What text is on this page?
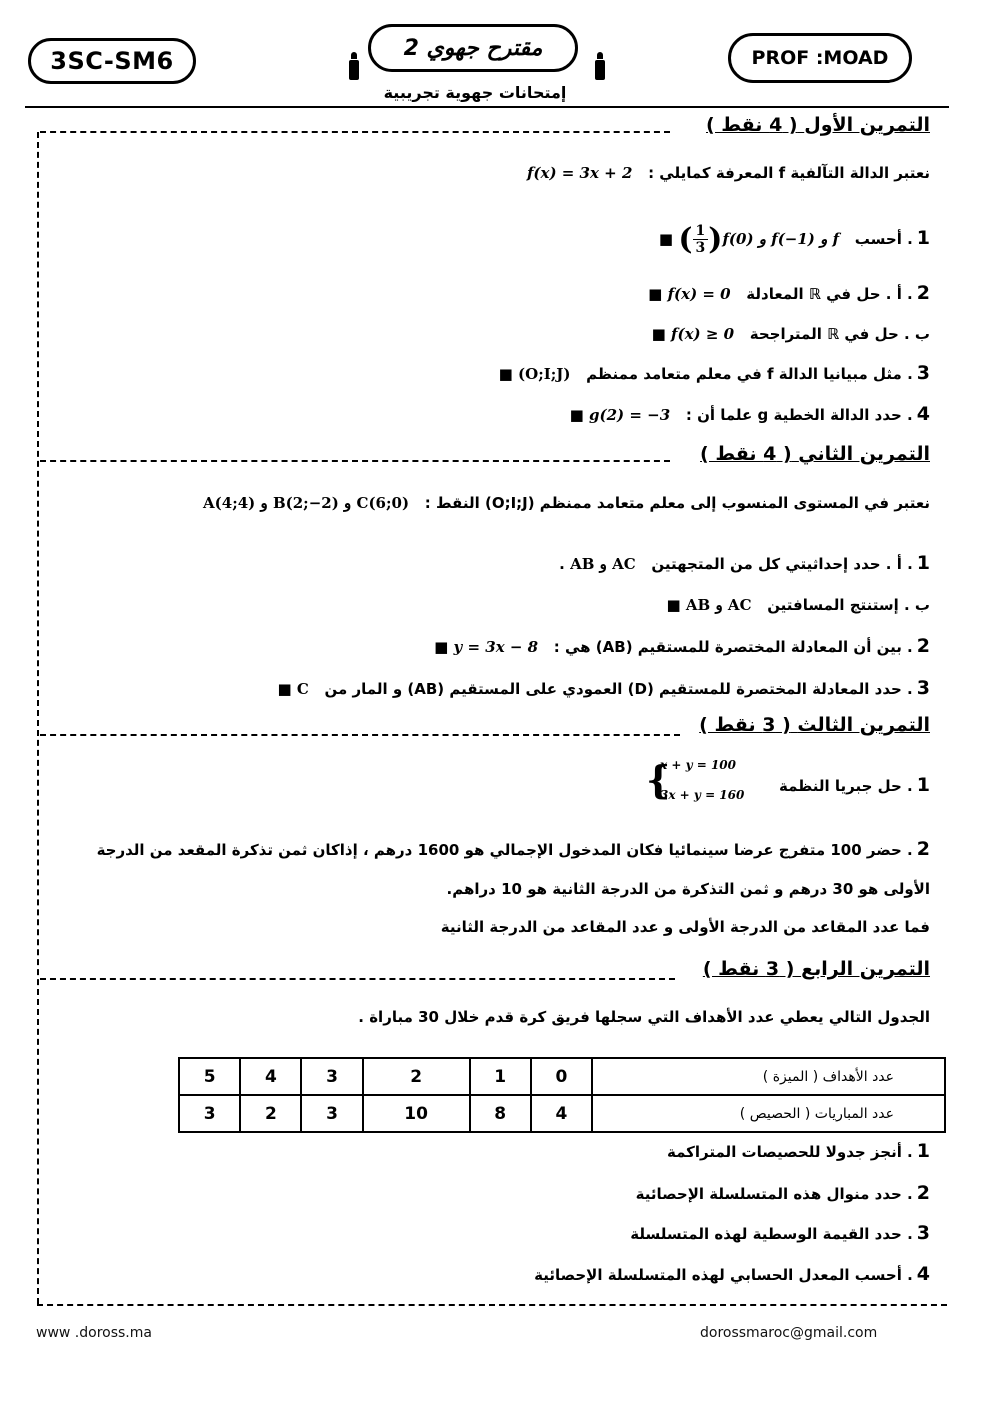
3SC-SM6	مقترح جهوي 2	PROF :MOAD
إمتحانات جهوية تجريبية
التمرين الأول ( 4 نقط )
نعتبر الدالة التآلفية f المعرفة كمايلي :   f(x) = 3x + 2
1. أحسب   f(0) و f(−1) و f(
$\frac{1}{3}$
) ■
2. أ . حل في ℝ المعادلة   f(x) = 0 ■
ب . حل في ℝ المتراجحة   f(x) ≥ 0 ■
3. مثل مبيانيا الدالة f في معلم متعامد ممنظم   (O;I;J) ■
4. حدد الدالة الخطية g علما أن :   g(2) = −3 ■
التمرين الثاني ( 4 نقط )
نعتبر في المستوى المنسوب إلى معلم متعامد ممنظم (O;I;J) النقط :   A(4;4) و B(2;−2) و C(6;0)
1. أ . حدد إحداثيتي كل من المتجهتين   AB و AC .
ب . إستنتج المسافتين   AB و AC ■
2. بين أن المعادلة المختصرة للمستقيم (AB) هي :   y = 3x − 8 ■
3. حدد المعادلة المختصرة للمستقيم (D) العمودي على المستقيم (AB) و المار من   C ■
التمرين الثالث ( 3 نقط )
1. حل جبريا النظمة
{
x + y = 100
3x + y = 160
2. حضر 100 متفرج عرضا سينمائيا فكان المدخول الإجمالي هو 1600 درهم ، إذاكان ثمن تذكرة المقعد من الدرجة
الأولى هو 30 درهم و ثمن التذكرة من الدرجة الثانية هو 10 دراهم.
فما عدد المقاعد من الدرجة الأولى و عدد المقاعد من الدرجة الثانية
التمرين الرابع ( 3 نقط )
الجدول التالي يعطي عدد الأهداف التي سجلها فريق كرة قدم خلال 30 مباراة .
عدد الأهداف ( الميزة )	0	1	2	3	4	5
عدد المباريات ( الحصيص )	4	8	10	3	2	3
1. أنجز جدولا للحصيصات المتراكمة
2. حدد منوال هذه المتسلسلة الإحصائية
3. حدد القيمة الوسطية لهذه المتسلسلة
4. أحسب المعدل الحسابي لهذه المتسلسلة الإحصائية
www .doross.ma	dorossmaroc@gmail.com
